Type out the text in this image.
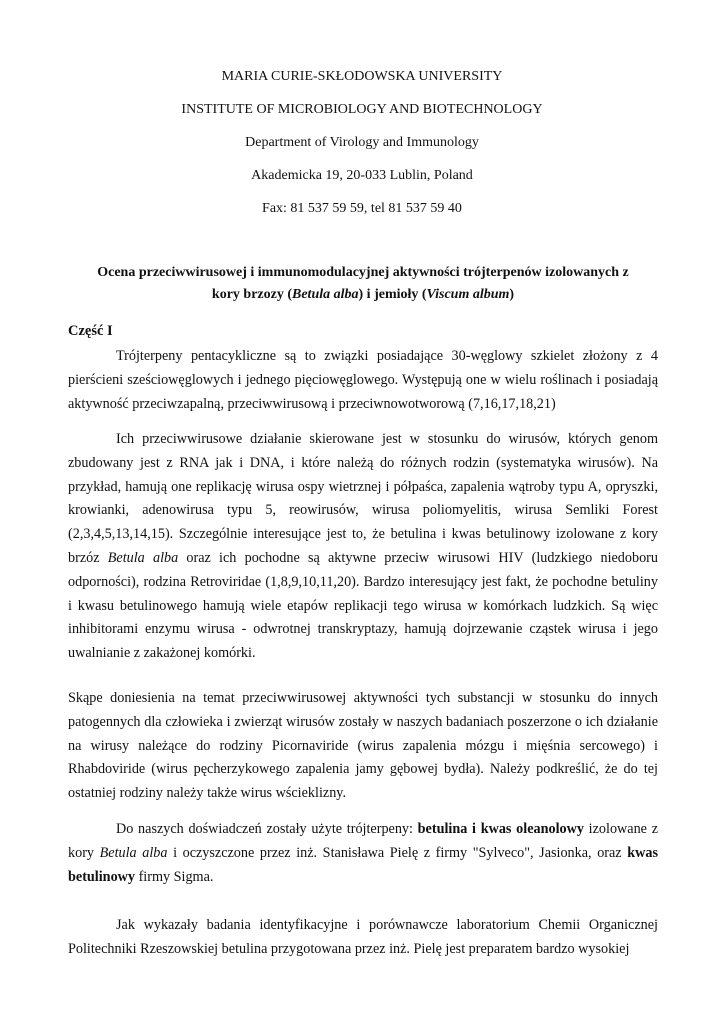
MARIA CURIE-SKŁODOWSKA UNIVERSITY
INSTITUTE OF MICROBIOLOGY AND BIOTECHNOLOGY
Department of Virology and Immunology
Akademicka 19, 20-033 Lublin, Poland
Fax: 81 537 59 59, tel 81 537 59 40
Ocena przeciwwirusowej i immunomodulacyjnej aktywności trójterpenów izolowanych z
kory brzozy (Betula alba) i jemioły (Viscum album)
Część I
Trójterpeny pentacykliczne są to związki posiadające 30-węglowy szkielet złożony z 4 pierścieni sześciowęglowych i jednego pięciowęglowego. Występują one w wielu roślinach i posiadają aktywność przeciwzapalną, przeciwwirusową i przeciwnowotworową (7,16,17,18,21)
Ich przeciwwirusowe działanie skierowane jest w stosunku do wirusów, których genom zbudowany jest z RNA jak i DNA, i które należą do różnych rodzin (systematyka wirusów). Na przykład, hamują one replikację wirusa ospy wietrznej i półpaśca, zapalenia wątroby typu A, opryszki, krowianki, adenowirusa typu 5, reowirusów, wirusa poliomyelitis, wirusa Semliki Forest (2,3,4,5,13,14,15). Szczególnie interesujące jest to, że betulina i kwas betulinowy izolowane z kory brzóz Betula alba oraz ich pochodne są aktywne przeciw wirusowi HIV (ludzkiego niedoboru odporności), rodzina Retroviridae (1,8,9,10,11,20). Bardzo interesujący jest fakt, że pochodne betuliny i kwasu betulinowego hamują wiele etapów replikacji tego wirusa w komórkach ludzkich. Są więc inhibitorami enzymu wirusa - odwrotnej transkryptazy, hamują dojrzewanie cząstek wirusa i jego uwalnianie z zakażonej komórki.
Skąpe doniesienia na temat przeciwwirusowej aktywności tych substancji w stosunku do innych patogennych dla człowieka i zwierząt wirusów zostały w naszych badaniach poszerzone o ich działanie na wirusy należące do rodziny Picornaviride (wirus zapalenia mózgu i mięśnia sercowego) i Rhabdoviride (wirus pęcherzykowego zapalenia jamy gębowej bydła). Należy podkreślić, że do tej ostatniej rodziny należy także wirus wścieklizny.
Do naszych doświadczeń zostały użyte trójterpeny: betulina i kwas oleanolowy izolowane z kory Betula alba i oczyszczone przez inż. Stanisława Pielę z firmy "Sylveco", Jasionka, oraz kwas betulinowy firmy Sigma.
Jak wykazały badania identyfikacyjne i porównawcze laboratorium Chemii Organicznej Politechniki Rzeszowskiej betulina przygotowana przez inż. Pielę jest preparatem bardzo wysokiej
